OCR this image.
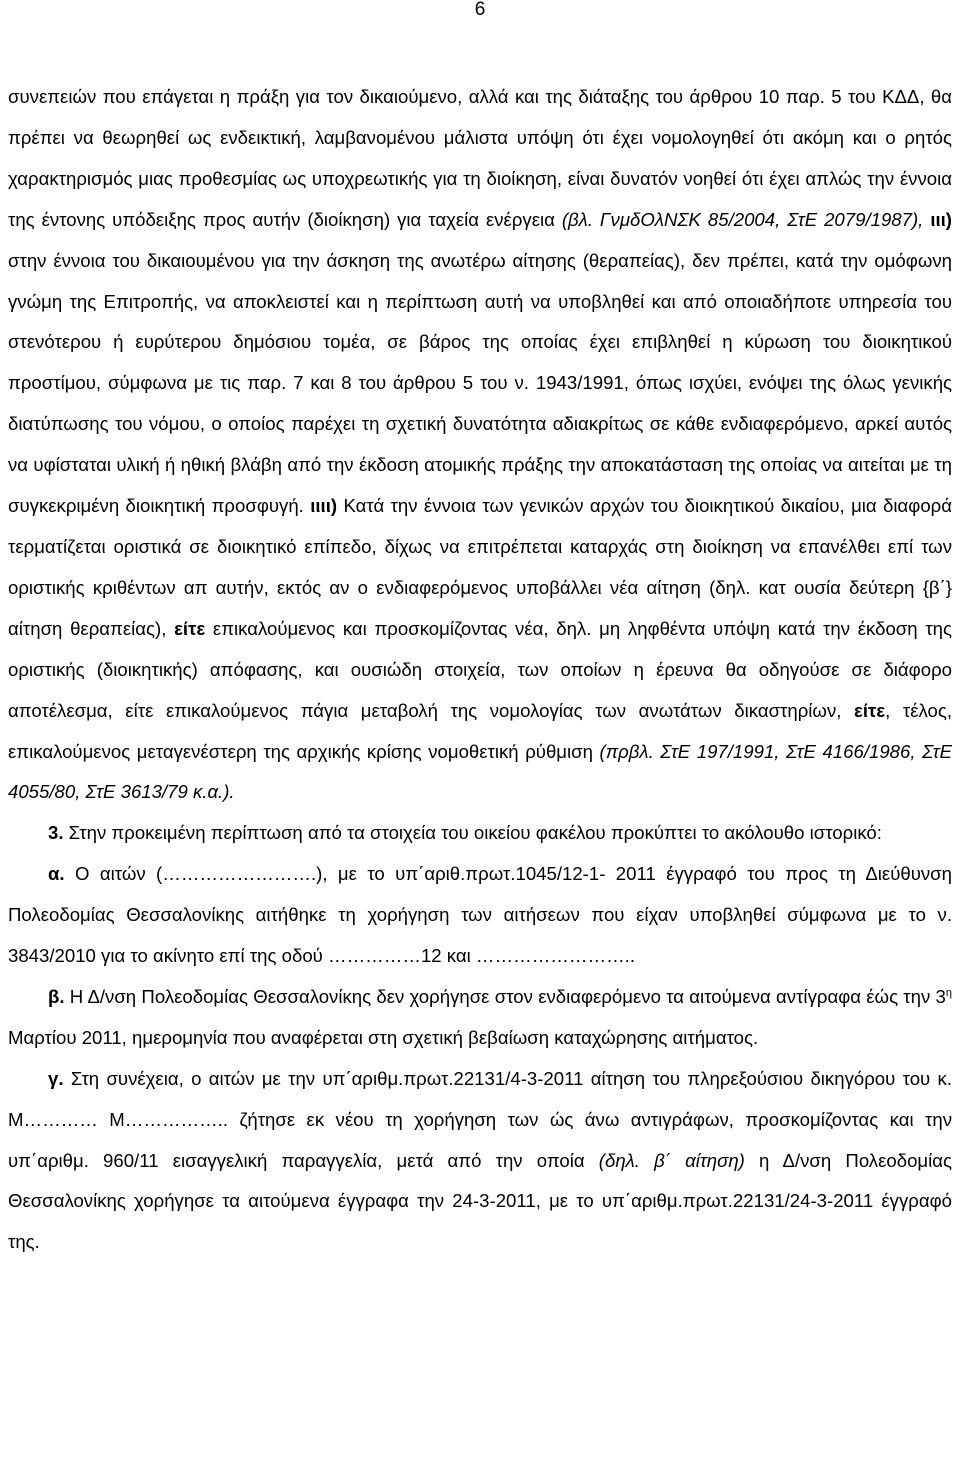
6

συνεπειών που επάγεται η πράξη για τον δικαιούμενο, αλλά και της διάταξης του άρθρου 10 παρ. 5 του ΚΔΔ, θα πρέπει να θεωρηθεί ως ενδεικτική, λαμβανομένου μάλιστα υπόψη ότι έχει νομολογηθεί ότι ακόμη και ο ρητός χαρακτηρισμός μιας προθεσμίας ως υποχρεωτικής για τη διοίκηση, είναι δυνατόν νοηθεί ότι έχει απλώς την έννοια της έντονης υπόδειξης προς αυτήν (διοίκηση) για ταχεία ενέργεια (βλ. ΓνμδΟλΝΣΚ 85/2004, ΣτΕ 2079/1987), ιιι) στην έννοια του δικαιουμένου για την άσκηση της ανωτέρω αίτησης (θεραπείας), δεν πρέπει, κατά την ομόφωνη γνώμη της Επιτροπής, να αποκλειστεί και η περίπτωση αυτή να υποβληθεί και από οποιαδήποτε υπηρεσία του στενότερου ή ευρύτερου δημόσιου τομέα, σε βάρος της οποίας έχει επιβληθεί η κύρωση του διοικητικού προστίμου, σύμφωνα με τις παρ. 7 και 8 του άρθρου 5 του ν. 1943/1991, όπως ισχύει, ενόψει της όλως γενικής διατύπωσης του νόμου, ο οποίος παρέχει τη σχετική δυνατότητα αδιακρίτως σε κάθε ενδιαφερόμενο, αρκεί αυτός να υφίσταται υλική ή ηθική βλάβη από την έκδοση ατομικής πράξης την αποκατάσταση της οποίας να αιτείται με τη συγκεκριμένη διοικητική προσφυγή. ιιιι) Κατά την έννοια των γενικών αρχών του διοικητικού δικαίου, μια διαφορά τερματίζεται οριστικά σε διοικητικό επίπεδο, δίχως να επιτρέπεται καταρχάς στη διοίκηση να επανέλθει επί των οριστικής κριθέντων απ αυτήν, εκτός αν ο ενδιαφερόμενος υποβάλλει νέα αίτηση (δηλ. κατ ουσία δεύτερη {β΄} αίτηση θεραπείας), είτε επικαλούμενος και προσκομίζοντας νέα, δηλ. μη ληφθέντα υπόψη κατά την έκδοση της οριστικής (διοικητικής) απόφασης, και ουσιώδη στοιχεία, των οποίων η έρευνα θα οδηγούσε σε διάφορο αποτέλεσμα, είτε επικαλούμενος πάγια μεταβολή της νομολογίας των ανωτάτων δικαστηρίων, είτε, τέλος, επικαλούμενος μεταγενέστερη της αρχικής κρίσης νομοθετική ρύθμιση (πρβλ. ΣτΕ 197/1991, ΣτΕ 4166/1986, ΣτΕ 4055/80, ΣτΕ 3613/79 κ.α.).

3. Στην προκειμένη περίπτωση από τα στοιχεία του οικείου φακέλου προκύπτει το ακόλουθο ιστορικό:

α. Ο αιτών (…………………….), με το υπ΄αριθ.πρωτ.1045/12-1- 2011 έγγραφό του προς τη Διεύθυνση Πολεοδομίας Θεσσαλονίκης αιτήθηκε τη χορήγηση των αιτήσεων που είχαν υποβληθεί σύμφωνα με το ν. 3843/2010 για το ακίνητο επί της οδού ……………12 και ……………………..

β. Η Δ/νση Πολεοδομίας Θεσσαλονίκης δεν χορήγησε στον ενδιαφερόμενο τα αιτούμενα αντίγραφα έώς την $3^\eta$ Μαρτίου 2011, ημερομηνία που αναφέρεται στη σχετική βεβαίωση καταχώρησης αιτήματος.

γ. Στη συνέχεια, ο αιτών με την υπ΄αριθμ.πρωτ.22131/4-3-2011 αίτηση του πληρεξούσιου δικηγόρου του κ. Μ………… Μ…………….. ζήτησε εκ νέου τη χορήγηση των ώς άνω αντιγράφων, προσκομίζοντας και την υπ΄αριθμ. 960/11 εισαγγελική παραγγελία, μετά από την οποία (δηλ. β΄ αίτηση) η Δ/νση Πολεοδομίας Θεσσαλονίκης χορήγησε τα αιτούμενα έγγραφα την 24-3-2011, με το υπ΄αριθμ.πρωτ.22131/24-3-2011 έγγραφό της.
